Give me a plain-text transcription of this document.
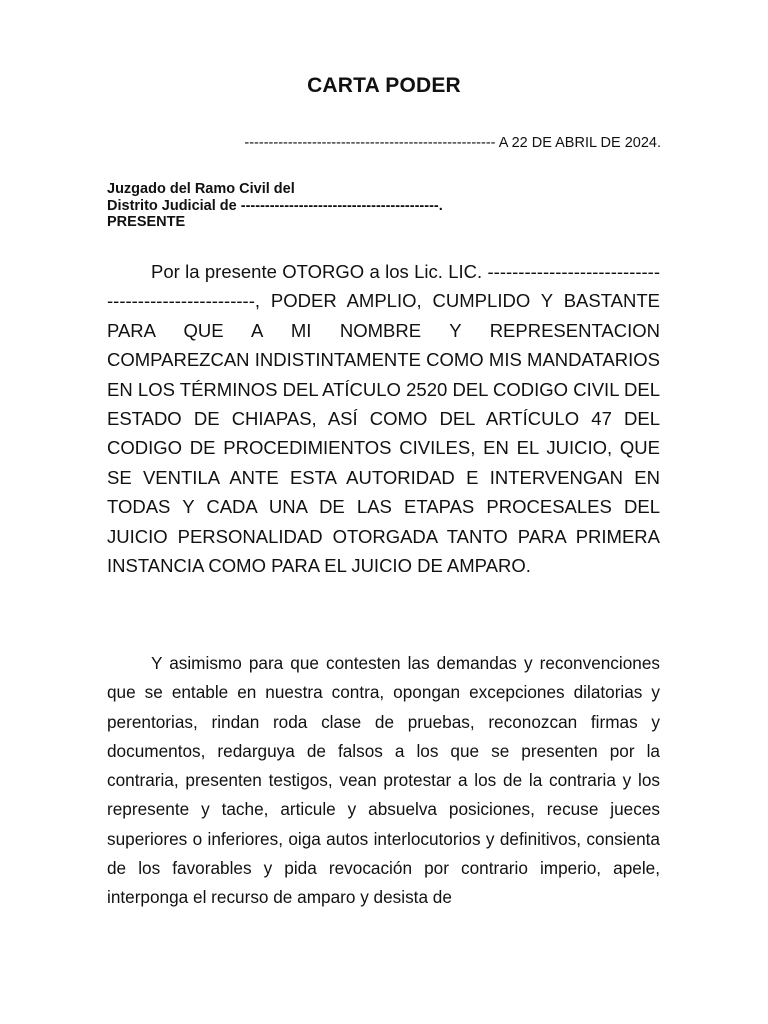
CARTA PODER
---------------------------------------------------- A 22 DE ABRIL DE 2024.
Juzgado del Ramo Civil del
Distrito Judicial de -----------------------------------------.
PRESENTE

Por la presente OTORGO a los Lic. LIC. ----------------------------------------------------, PODER AMPLIO, CUMPLIDO Y BASTANTE PARA QUE A MI NOMBRE Y REPRESENTACION COMPAREZCAN INDISTINTAMENTE COMO MIS MANDATARIOS EN LOS TÉRMINOS DEL ATÍCULO 2520 DEL CODIGO CIVIL DEL ESTADO DE CHIAPAS, ASÍ COMO DEL ARTÍCULO 47 DEL CODIGO DE PROCEDIMIENTOS CIVILES, EN EL JUICIO, QUE SE VENTILA ANTE ESTA AUTORIDAD E INTERVENGAN EN TODAS Y CADA UNA DE LAS ETAPAS PROCESALES DEL JUICIO PERSONALIDAD OTORGADA TANTO PARA PRIMERA INSTANCIA COMO PARA EL JUICIO DE AMPARO.

Y asimismo para que contesten las demandas y reconvenciones que se entable en nuestra contra, opongan excepciones dilatorias y perentorias, rindan roda clase de pruebas, reconozcan firmas y documentos, redarguya de falsos a los que se presenten por la contraria, presenten testigos, vean protestar a los de la contraria y los represente y tache, articule y absuelva posiciones, recuse jueces superiores o inferiores, oiga autos interlocutorios y definitivos, consienta de los favorables y pida revocación por contrario imperio, apele, interponga el recurso de amparo y desista de
